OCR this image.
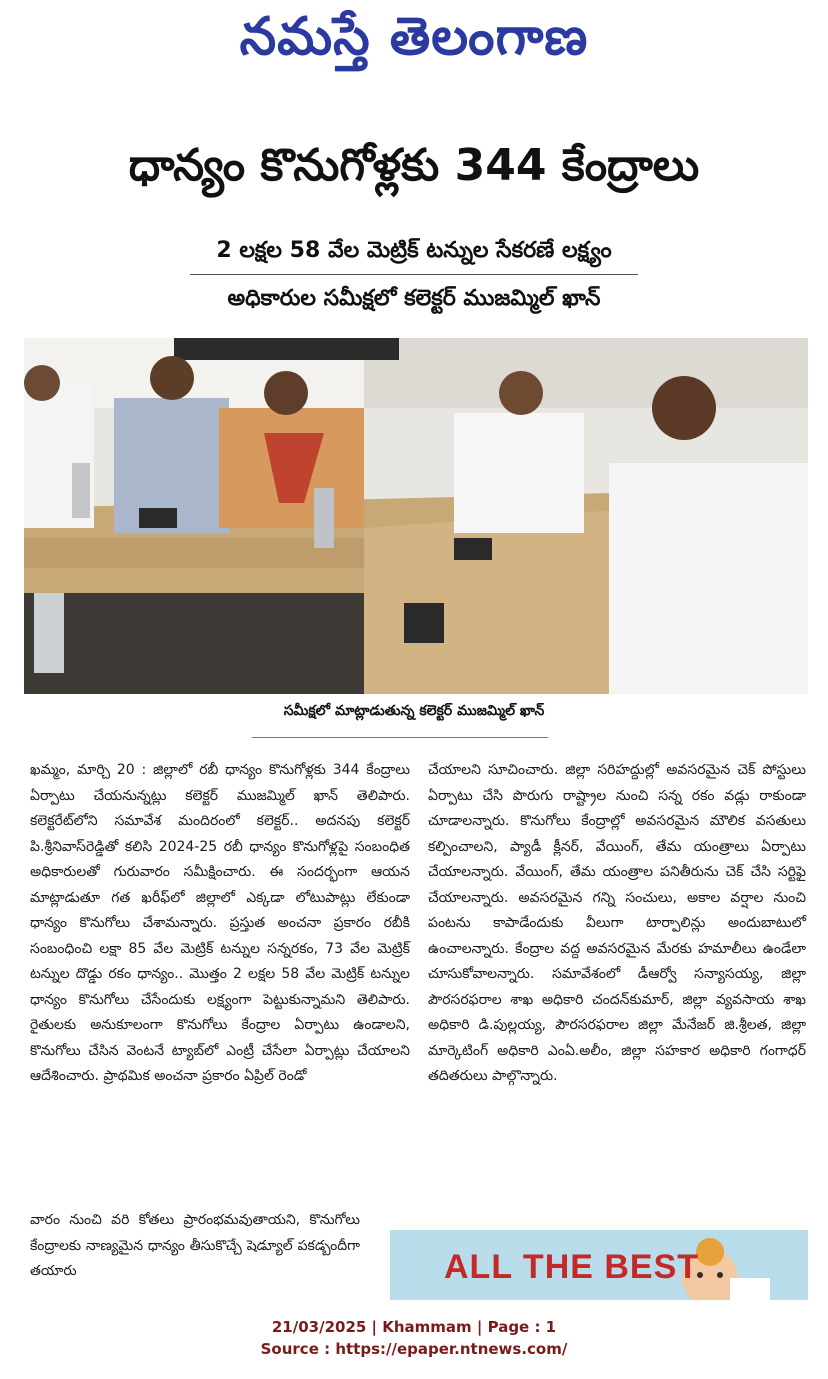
నమస్తే తెలంగాణ
ధాన్యం కొనుగోళ్లకు 344 కేంద్రాలు
2 లక్షల 58 వేల మెట్రిక్ టన్నుల సేకరణే లక్ష్యం
అధికారుల సమీక్షలో కలెక్టర్ ముజమ్మిల్ ఖాన్
సమీక్షలో మాట్లాడుతున్న కలెక్టర్ ముజమ్మిల్ ఖాన్

ఖమ్మం, మార్చి 20 : జిల్లాలో రబీ ధాన్యం కొనుగోళ్లకు 344 కేంద్రాలు ఏర్పాటు చేయనున్నట్లు కలెక్టర్ ముజమ్మిల్ ఖాన్ తెలిపారు. కలెక్టరేట్‌లోని సమావేశ మందిరంలో కలెక్టర్.. అదనపు కలెక్టర్ పి.శ్రీనివాస్‌రెడ్డితో కలిసి 2024-25 రబీ ధాన్యం కొనుగోళ్లపై సంబంధిత అధికారులతో గురువారం సమీక్షించారు. ఈ సందర్భంగా ఆయన మాట్లాడుతూ గత ఖరీఫ్‌లో జిల్లాలో ఎక్కడా లోటుపాట్లు లేకుండా ధాన్యం కొనుగోలు చేశామన్నారు. ప్రస్తుత అంచనా ప్రకారం రబీకి సంబంధించి లక్షా 85 వేల మెట్రిక్ టన్నుల సన్నరకం, 73 వేల మెట్రిక్ టన్నుల దొడ్డు రకం ధాన్యం.. మొత్తం 2 లక్షల 58 వేల మెట్రిక్ టన్నుల ధాన్యం కొనుగోలు చేసేందుకు లక్ష్యంగా పెట్టుకున్నామని తెలిపారు. రైతులకు అనుకూలంగా కొనుగోలు కేంద్రాల ఏర్పాటు ఉండాలని, కొనుగోలు చేసిన వెంటనే ట్యాబ్‌లో ఎంట్రీ చేసేలా ఏర్పాట్లు చేయాలని ఆదేశించారు. ప్రాథమిక అంచనా ప్రకారం ఏప్రిల్ రెండో

వారం నుంచి వరి కోతలు ప్రారంభమవుతాయని, కొనుగోలు కేంద్రాలకు నాణ్యమైన ధాన్యం తీసుకొచ్చే షెడ్యూల్ పకడ్బందీగా తయారు

చేయాలని సూచించారు. జిల్లా సరిహద్దుల్లో అవసరమైన చెక్ పోస్టులు ఏర్పాటు చేసి పొరుగు రాష్ట్రాల నుంచి సన్న రకం వడ్లు రాకుండా చూడాలన్నారు. కొనుగోలు కేంద్రాల్లో అవసరమైన మౌలిక వసతులు కల్పించాలని, ప్యాడీ క్లీనర్, వేయింగ్, తేమ యంత్రాలు ఏర్పాటు చేయాలన్నారు. వేయింగ్, తేమ యంత్రాల పనితీరును చెక్ చేసి సర్టిఫై చేయాలన్నారు. అవసరమైన గన్ని సంచులు, అకాల వర్షాల నుంచి పంటను కాపాడేందుకు వీలుగా టార్పాలిన్లు అందుబాటులో ఉంచాలన్నారు. కేంద్రాల వద్ద అవసరమైన మేరకు హమాలీలు ఉండేలా చూసుకోవాలన్నారు. సమావేశంలో డీఆర్వో సన్యాసయ్య, జిల్లా పౌరసరఫరాల శాఖ అధికారి చందన్‌కుమార్, జిల్లా వ్యవసాయ శాఖ అధికారి డి.పుల్లయ్య, పౌరసరఫరాల జిల్లా మేనేజర్ జి.శ్రీలత, జిల్లా మార్కెటింగ్ అధికారి ఎంఏ.అలీం, జిల్లా సహకార అధికారి గంగాధర్ తదితరులు పాల్గొన్నారు.

ALL THE BEST
21/03/2025 | Khammam | Page : 1
Source : https://epaper.ntnews.com/
